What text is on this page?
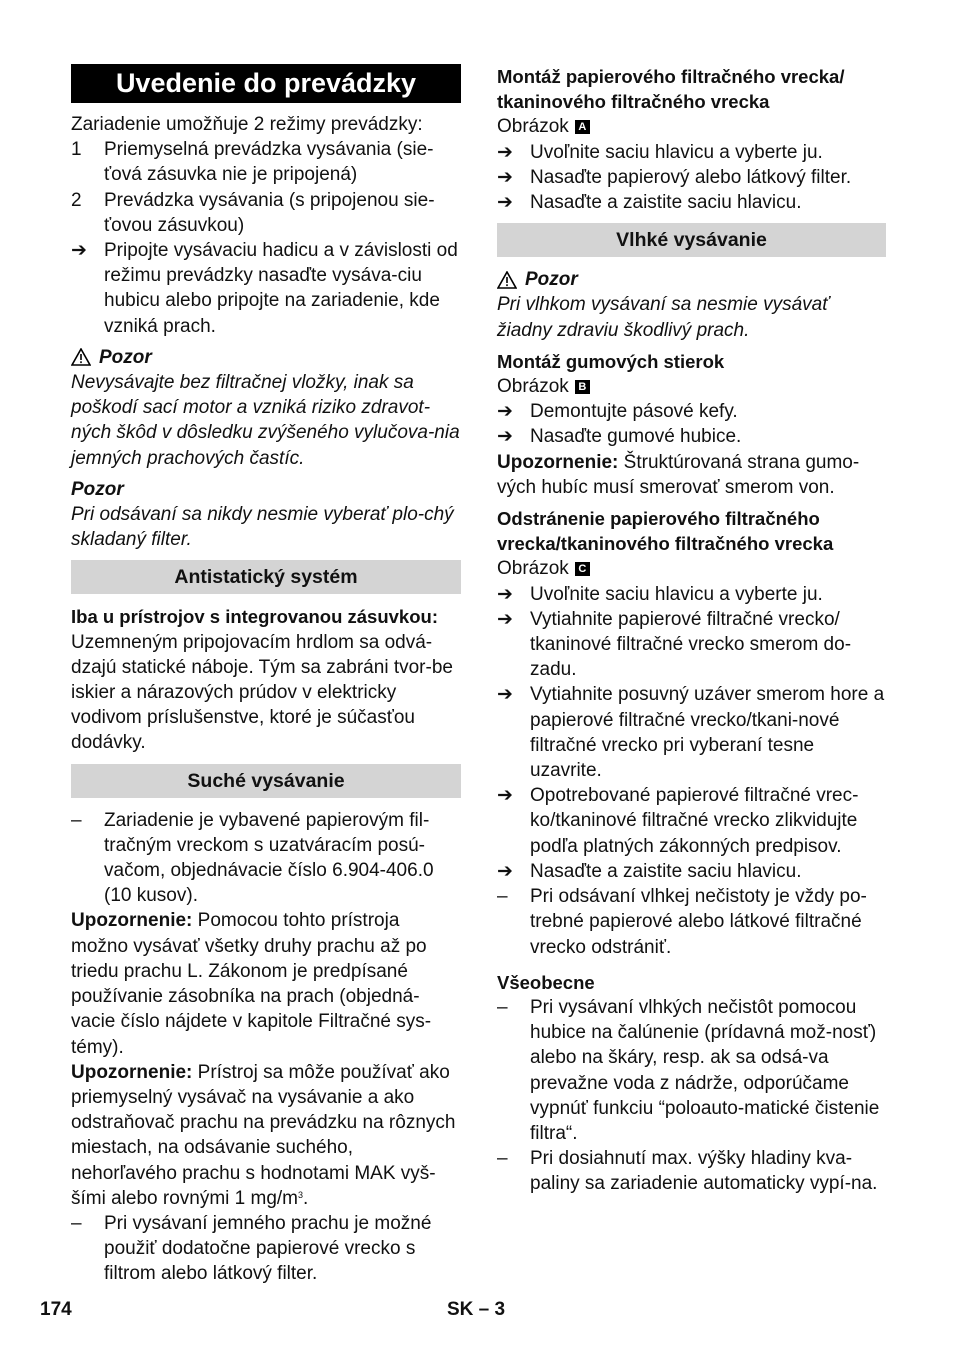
Uvedenie do prevádzky

Zariadenie umožňuje 2 režimy prevádzky:

1	Priemyselná prevádzka vysávania (sie-ťová zásuvka nie je pripojená)
2	Prevádzka vysávania (s pripojenou sie-ťovou zásuvkou)
➔ Pripojte vysávaciu hadicu a v závislosti od režimu prevádzky nasaďte vysáva-ciu hubicu alebo pripojte na zariadenie, kde vzniká prach.
Pozor

Nevysávajte bez filtračnej vložky, inak sa poškodí sací motor a vzniká riziko zdravot-ných škôd v dôsledku zvýšeného vylučova-nia jemných prachových častíc.

Pozor

Pri odsávaní sa nikdy nesmie vyberať plo-chý skladaný filter.

Antistatický systém

Iba u prístrojov s integrovanou zásuvkou:

Uzemneným pripojovacím hrdlom sa odvá-dzajú statické náboje. Tým sa zabráni tvor-be iskier a nárazových prúdov v elektricky vodivom príslušenstve, ktoré je súčasťou dodávky.

Suché vysávanie
–	Zariadenie je vybavené papierovým fil-tračným vreckom s uzatváracím posú-vačom, objednávacie číslo 6.904-406.0 (10 kusov).

Upozornenie: Pomocou tohto prístroja možno vysávať všetky druhy prachu až po triedu prachu L. Zákonom je predpísané používanie zásobníka na prach (objedná-vacie číslo nájdete v kapitole Filtračné sys-témy).

Upozornenie: Prístroj sa môže používať ako priemyselný vysávač na vysávanie a ako odstraňovač prachu na prevádzku na rôznych miestach, na odsávanie suchého, nehorľavého prachu s hodnotami MAK vyš-šími alebo rovnými 1 $mg/m^3$.

–	Pri vysávaní jemného prachu je možné použiť dodatočne papierové vrecko s filtrom alebo látkový filter.

Montáž papierového filtračného vrecka/ tkaninového filtračného vrecka

Obrázok A

➔ Uvoľnite saciu hlavicu a vyberte ju.
➔ Nasaďte papierový alebo látkový filter.
➔ Nasaďte a zaistite saciu hlavicu.
Vlhké vysávanie
Pozor

Pri vlhkom vysávaní sa nesmie vysávať žiadny zdraviu škodlivý prach.

Montáž gumových stierok

Obrázok B

➔ Demontujte pásové kefy.
➔ Nasaďte gumové hubice.

Upozornenie: Štruktúrovaná strana gumo-vých hubíc musí smerovať smerom von.

Odstránenie papierového filtračného vrecka/tkaninového filtračného vrecka

Obrázok C

➔ Uvoľnite saciu hlavicu a vyberte ju.
➔ Vytiahnite papierové filtračné vrecko/ tkaninové filtračné vrecko smerom do-zadu.
➔ Vytiahnite posuvný uzáver smerom hore a papierové filtračné vrecko/tkani-nové filtračné vrecko pri vyberaní tesne uzavrite.
➔ Opotrebované papierové filtračné vrec-ko/tkaninové filtračné vrecko zlikvidujte podľa platných zákonných predpisov.
➔ Nasaďte a zaistite saciu hlavicu.
–	Pri odsávaní vlhkej nečistoty je vždy po-trebné papierové alebo látkové filtračné vrecko odstrániť.

Všeobecne

–	Pri vysávaní vlhkých nečistôt pomocou hubice na čalúnenie (prídavná mož-nosť) alebo na škáry, resp. ak sa odsá-va prevažne voda z nádrže, odporúčame vypnúť funkciu “poloauto-matické čistenie filtra“.
–	Pri dosiahnutí max. výšky hladiny kva-paliny sa zariadenie automaticky vypí-na.
174	SK – 3
